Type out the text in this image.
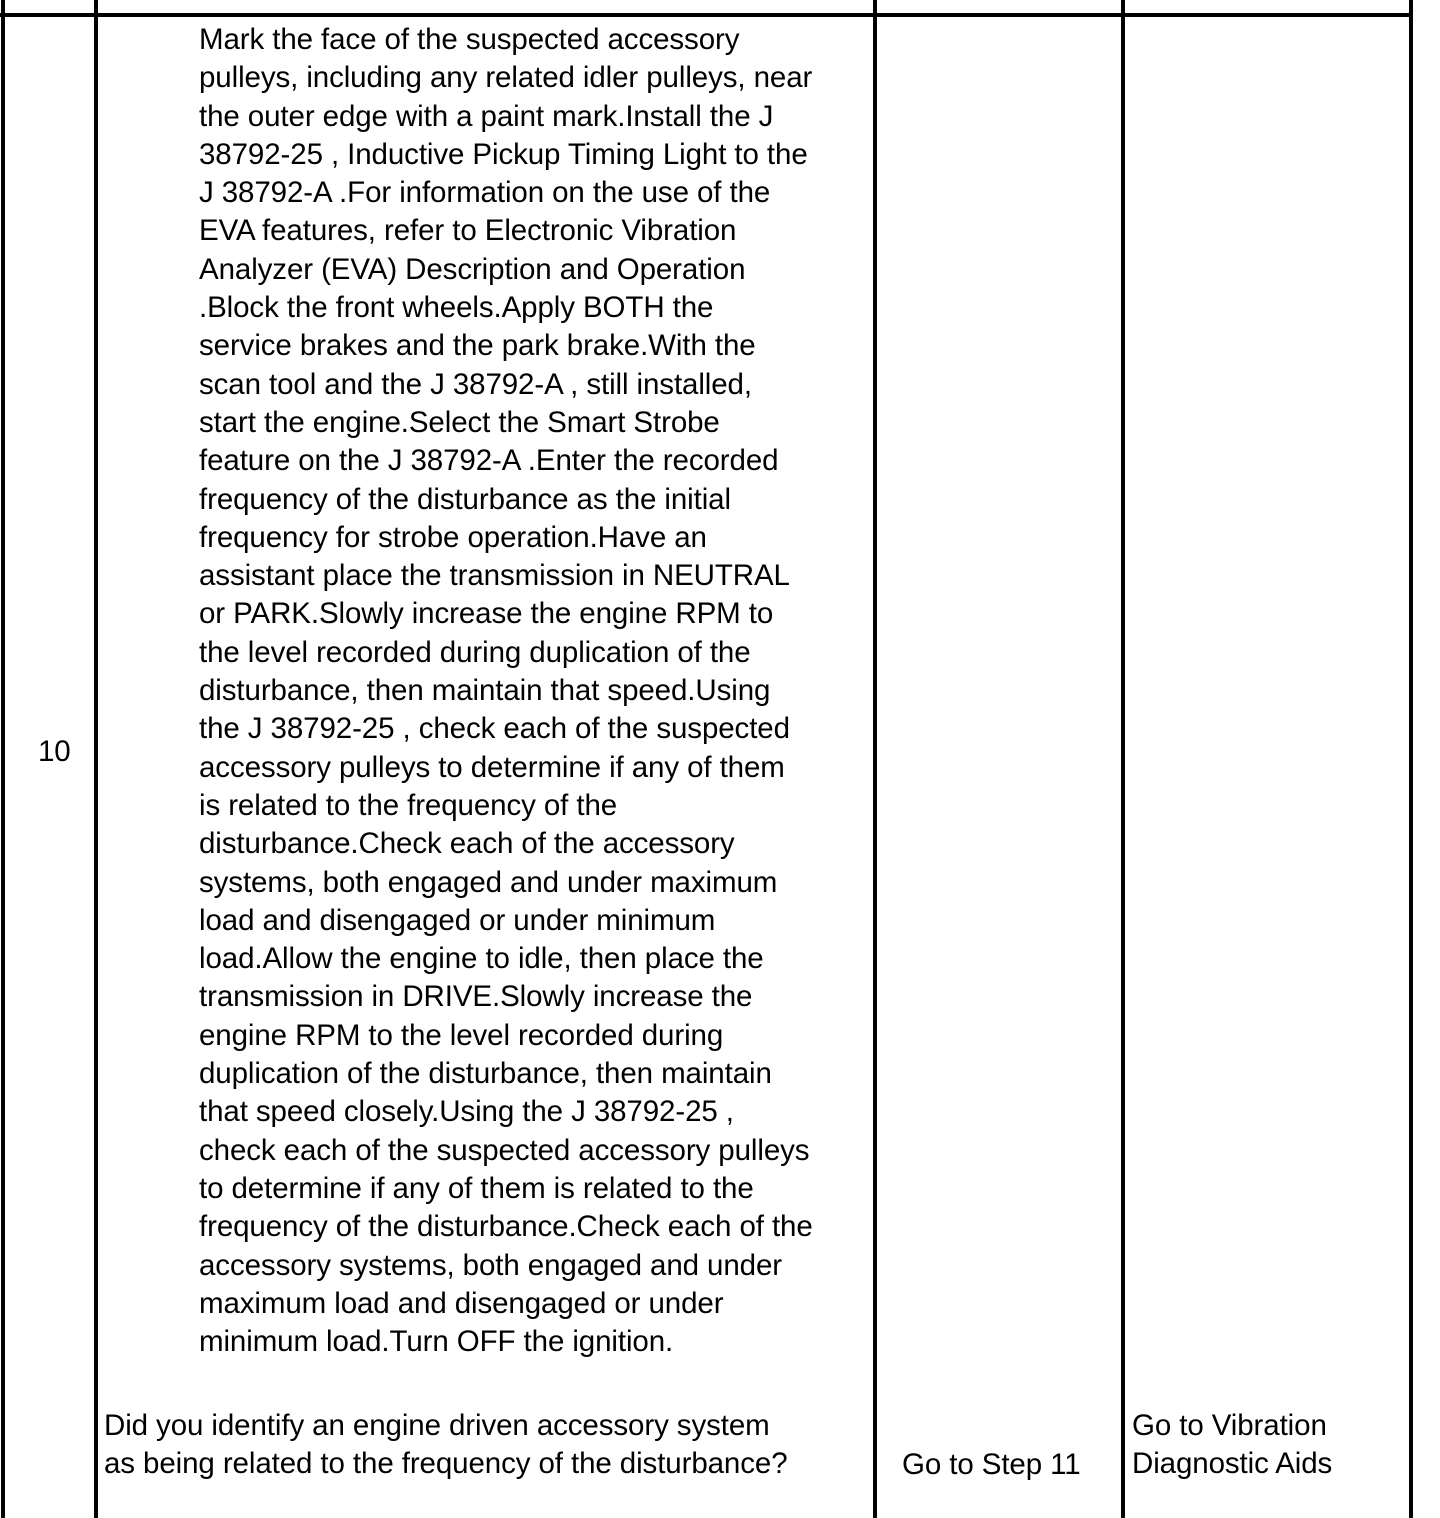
10
Mark the face of the suspected accessory
pulleys, including any related idler pulleys, near
the outer edge with a paint mark.Install the J
38792-25 , Inductive Pickup Timing Light to the
J 38792-A .For information on the use of the
EVA features, refer to Electronic Vibration
Analyzer (EVA) Description and Operation
.Block the front wheels.Apply BOTH the
service brakes and the park brake.With the
scan tool and the J 38792-A , still installed,
start the engine.Select the Smart Strobe
feature on the J 38792-A .Enter the recorded
frequency of the disturbance as the initial
frequency for strobe operation.Have an
assistant place the transmission in NEUTRAL
or PARK.Slowly increase the engine RPM to
the level recorded during duplication of the
disturbance, then maintain that speed.Using
the J 38792-25 , check each of the suspected
accessory pulleys to determine if any of them
is related to the frequency of the
disturbance.Check each of the accessory
systems, both engaged and under maximum
load and disengaged or under minimum
load.Allow the engine to idle, then place the
transmission in DRIVE.Slowly increase the
engine RPM to the level recorded during
duplication of the disturbance, then maintain
that speed closely.Using the J 38792-25 ,
check each of the suspected accessory pulleys
to determine if any of them is related to the
frequency of the disturbance.Check each of the
accessory systems, both engaged and under
maximum load and disengaged or under
minimum load.Turn OFF the ignition.
Did you identify an engine driven accessory system
as being related to the frequency of the disturbance?	Go to Step 11
Go to Vibration
Diagnostic Aids
